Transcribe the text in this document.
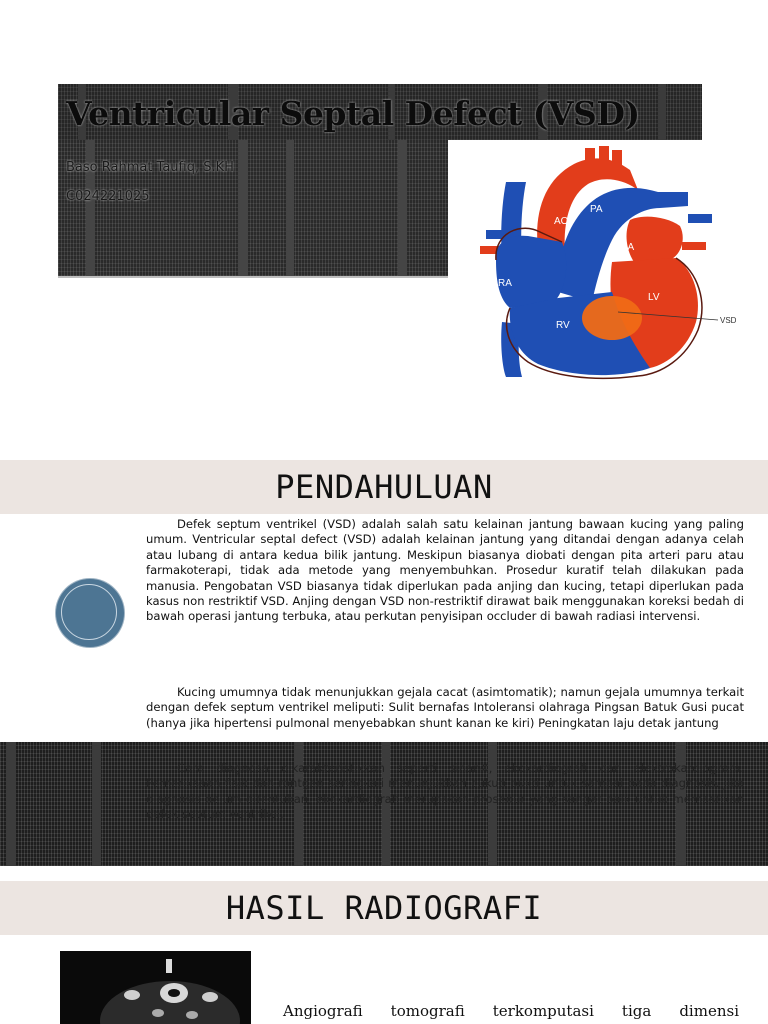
Ventricular Septal Defect (VSD)
Baso Rahmat Taufiq, S.KH
C024221025
AO
PA
LA
RA
LV
RV	VSD
PENDAHULUAN

Defek septum ventrikel (VSD) adalah salah satu kelainan jantung bawaan kucing yang paling umum. Ventricular septal defect (VSD) adalah kelainan jantung yang ditandai dengan adanya celah atau lubang di antara kedua bilik jantung. Meskipun biasanya diobati dengan pita arteri paru atau farmakoterapi, tidak ada metode yang menyembuhkan. Prosedur kuratif telah dilakukan pada manusia. Pengobatan VSD biasanya tidak diperlukan pada anjing dan kucing, tetapi diperlukan pada kasus non restriktif VSD. Anjing dengan VSD non-restriktif dirawat baik menggunakan koreksi bedah di bawah operasi jantung terbuka, atau perkutan penyisipan occluder di bawah radiasi intervensi.

Kucing umumnya tidak menunjukkan gejala cacat (asimtomatik); namun gejala umumnya terkait dengan defek septum ventrikel meliputi: Sulit bernafas Intoleransi olahraga Pingsan Batuk Gusi pucat (hanya jika hipertensi pulmonal menyebabkan shunt kanan ke kiri) Peningkatan laju detak jantung

Cara diagnosa dikarakteristikkan seperti sinar-X, ekokardiografi dan elektrokardiogram. Pemeriksaan fisik dan rontgen seringkali menunjukkan cukup bukti untuk sampai pada diagnosis. Jika diagnosis belum ditentukan, ekokardiografi merupakan prosedur yang sangat baik untuk memastikan defek septum ventrikel.

HASIL RADIOGRAFI
Angiografi tomografi terkomputasi tiga dimensi
